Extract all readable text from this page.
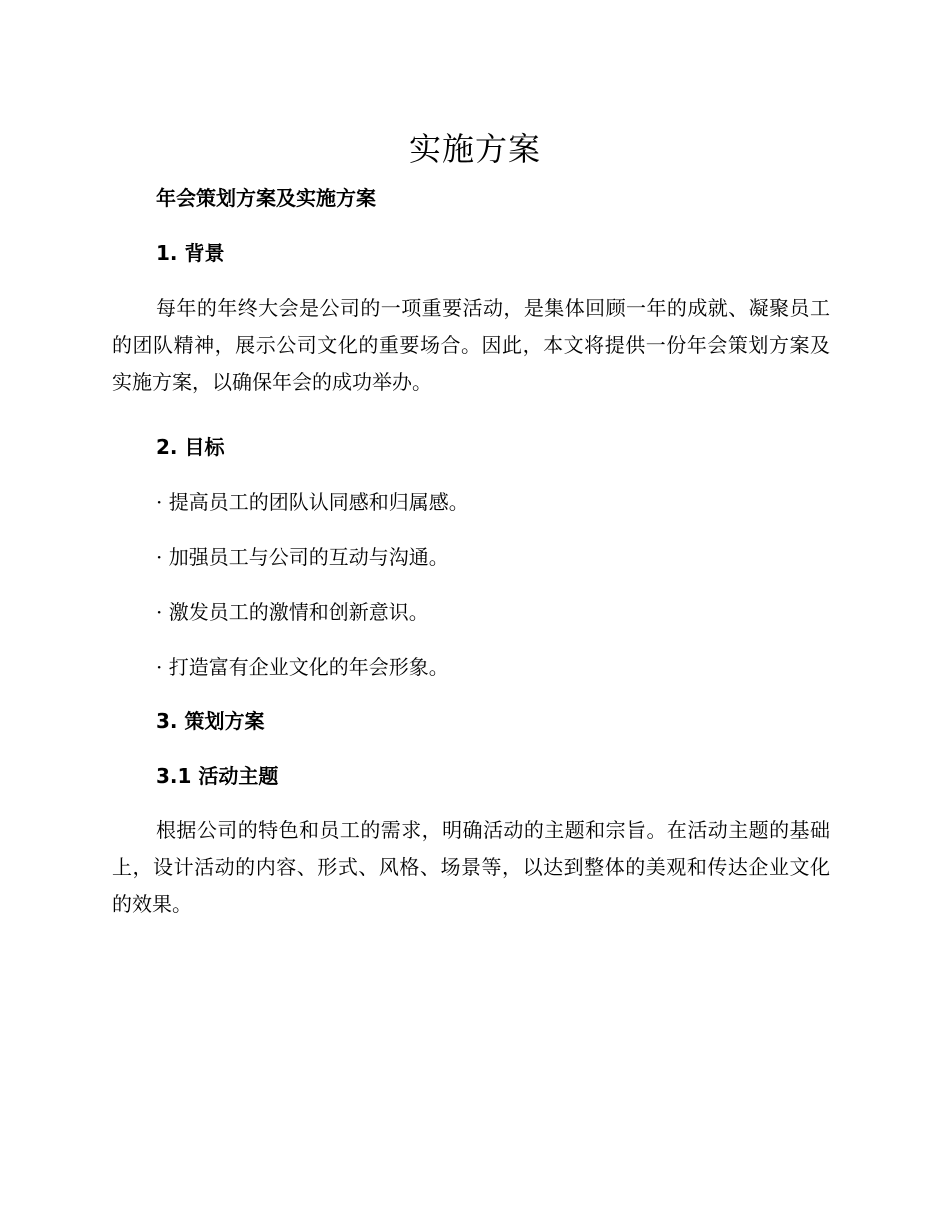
实施方案
年会策划方案及实施方案
1. 背景
每年的年终大会是公司的一项重要活动，是集体回顾一年的成就、凝聚员工的团队精神，展示公司文化的重要场合。因此，本文将提供一份年会策划方案及实施方案，以确保年会的成功举办。
2. 目标
· 提高员工的团队认同感和归属感。
· 加强员工与公司的互动与沟通。
· 激发员工的激情和创新意识。
· 打造富有企业文化的年会形象。
3. 策划方案
3.1 活动主题
根据公司的特色和员工的需求，明确活动的主题和宗旨。在活动主题的基础上，设计活动的内容、形式、风格、场景等，以达到整体的美观和传达企业文化的效果。
